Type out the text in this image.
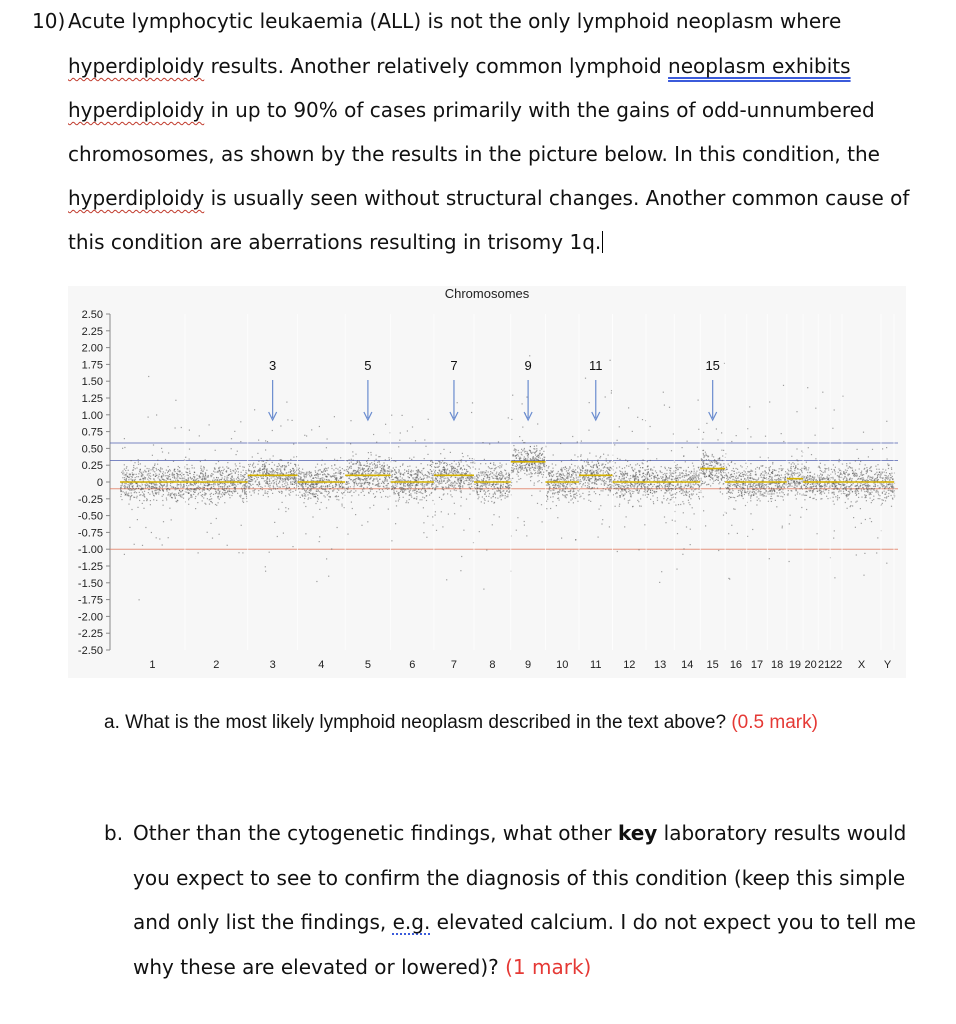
10) Acute lymphocytic leukaemia (ALL) is not the only lymphoid neoplasm where
hyperdiploidy results. Another relatively common lymphoid neoplasm exhibits
hyperdiploidy in up to 90% of cases primarily with the gains of odd-unnumbered
chromosomes, as shown by the results in the picture below. In this condition, the
hyperdiploidy is usually seen without structural changes. Another common cause of
this condition are aberrations resulting in trisomy 1q.
Chromosomes
2.50
2.25
2.00
1.75
1.50
1.25
1.00
0.75
0.50
0.25
0
-0.25
-0.50
-0.75
-1.00
-1.25
-1.50
-1.75
-2.00
-2.25
-2.50
1	2	3	4	5	6	7	8	9 10 11 12 13 14 15 16 17 18 19 20 21 22 X Y
3	5	7	9	11	15
a. What is the most likely lymphoid neoplasm described in the text above? (0.5 mark)
b. Other than the cytogenetic findings, what other key laboratory results would
you expect to see to confirm the diagnosis of this condition (keep this simple
and only list the findings, e.g. elevated calcium. I do not expect you to tell me
why these are elevated or lowered)? (1 mark)
